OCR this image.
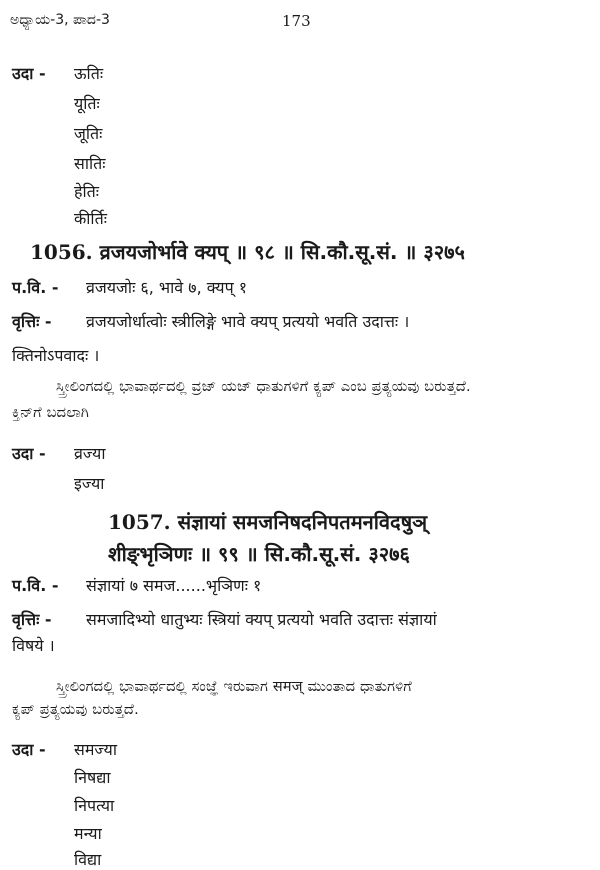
ಅಧ್ಯಾಯ-3, ಪಾದ-3	173
उदा - ऊतिः
यूतिः
जूतिः
सातिः
हेतिः
कीर्तिः
1056. व्रजयजोर्भावे क्यप् ॥ ९८ ॥ सि.कौ.सू.सं. ॥ ३२७५
प.वि. - व्रजयजोः ६, भावे ७, क्यप् १
वृत्तिः - व्रजयजोर्धात्वोः स्त्रीलिङ्गे भावे क्यप् प्रत्ययो भवति उदात्तः ।
क्तिनोऽपवादः ।
ಸ್ತ್ರೀಲಿಂಗದಲ್ಲಿ ಭಾವಾರ್ಥದಲ್ಲಿ ವ್ರಜ್ ಯಜ್ ಧಾತುಗಳಿಗೆ ಕ್ಯಪ್ ಎಂಬ ಪ್ರತ್ಯಯವು ಬರುತ್ತದೆ.
ಕ್ತಿನ್‌ಗೆ ಬದಲಾಗಿ
उदा - व्रज्या
इज्या
1057. संज्ञायां समजनिषदनिपतमनविदषुञ्
शीङ्भृञिणः ॥ ९९ ॥ सि.कौ.सू.सं. ३२७६
प.वि. - संज्ञायां ७ समज......भृञिणः १
वृत्तिः - समजादिभ्यो धातुभ्यः स्त्रियां क्यप् प्रत्ययो भवति उदात्तः संज्ञायां
विषये ।
ಸ್ತ್ರೀಲಿಂಗದಲ್ಲಿ ಭಾವಾರ್ಥದಲ್ಲಿ ಸಂಜ್ಞೆ ಇರುವಾಗ समज् ಮುಂತಾದ ಧಾತುಗಳಿಗೆ
ಕ್ಯಪ್ ಪ್ರತ್ಯಯವು ಬರುತ್ತದೆ.
उदा - समज्या
निषद्या
निपत्या
मन्या
विद्या
